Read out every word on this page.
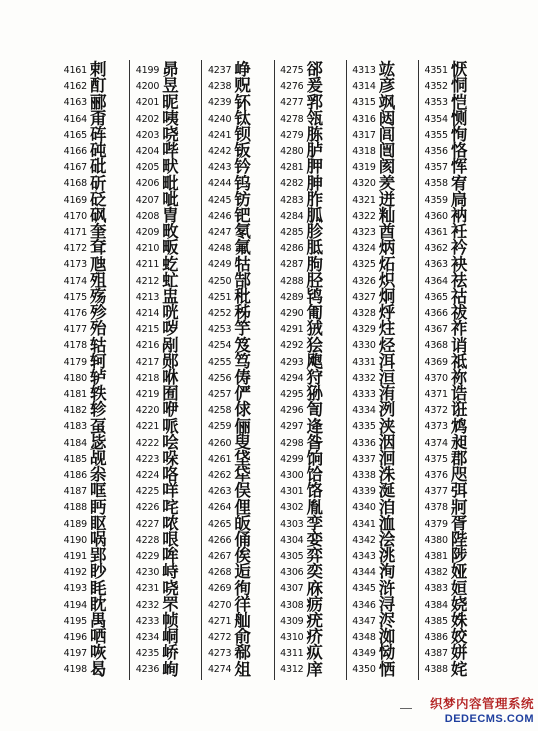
4161 剌
4162 酊
4163 郦
4164 甭
4165 砗
4166 砘
4167 砒
4168 斫
4169 砭
4170 砜
4171 奎
4172 耷
4173 虺
4174 殂
4175 殇
4176 殄
4177 殆
4178 轱
4179 轲
4180 轳
4181 轶
4182 轸
4183 虿
4184 毖
4185 觇
4186 尜
4187 哐
4188 眄
4189 眍
4190 㖞
4191 郢
4192 眇
4193 眊
4194 眈
4195 禺
4196 哂
4197 咴
4198 曷
4199 昴
4200 昱
4201 昵
4202 咦
4203 哓
4204 哔
4205 畎
4206 毗
4207 呲
4208 胄
4209 畋
4210 畈
4211 虼
4212 虻
4213 盅
4214 咣
4215 哕
4216 剐
4217 郧
4218 咻
4219 囿
4220 咿
4221 哌
4222 哙
4223 哚
4224 咯
4225 咩
4226 咤
4227 哝
4228 哏
4229 哞
4230 峙
4231 哓
4232 罘
4233 帧
4234 峒
4235 峤
4236 峋
4237 峥
4238 贶
4239 钚
4240 钛
4241 钡
4242 钣
4243 钤
4244 钨
4245 钫
4246 钯
4247 氡
4248 氟
4249 牯
4250 郜
4251 秕
4252 秭
4253 竽
4254 笈
4255 笃
4256 俦
4257 俨
4258 俅
4259 俪
4260 叟
4261 垡
4262 牮
4263 俣
4264 俚
4265 皈
4266 俑
4267 俟
4268 逅
4269 徇
4270 徉
4271 舢
4272 俞
4273 郗
4274 俎
4275 郤
4276 爰
4277 郛
4278 瓴
4279 胨
4280 胪
4281 胛
4282 胂
4283 胙
4284 胍
4285 胗
4286 胝
4287 朐
4288 胫
4289 鸨
4290 匍
4291 狨
4292 狯
4293 飑
4294 狩
4295 狲
4296 訇
4297 逄
4298 昝
4299 饷
4300 饸
4301 饹
4302 胤
4303 孪
4304 娈
4305 弈
4306 奕
4307 庥
4308 疬
4309 疣
4310 疥
4311 疭
4312 庠
4313 竑
4314 彦
4315 飒
4316 闼
4317 闾
4318 闿
4319 阂
4320 羑
4321 迸
4322 籼
4323 酋
4324 炳
4325 炻
4326 炽
4327 炯
4328 烀
4329 炷
4330 烃
4331 洱
4332 洹
4333 洧
4334 洌
4335 浃
4336 洇
4337 洄
4338 洙
4339 涎
4340 洎
4341 洫
4342 浍
4343 洮
4344 洵
4345 浒
4346 浔
4347 浕
4348 洳
4349 恸
4350 恓
4351 恹
4352 恫
4353 恺
4354 恻
4355 恂
4356 恪
4357 恽
4358 宥
4359 扃
4360 衲
4361 衽
4362 衿
4363 袂
4364 祛
4365 祜
4366 祓
4367 祚
4368 诮
4369 祗
4370 祢
4371 诰
4372 诳
4373 鸩
4374 昶
4375 郡
4376 咫
4377 弭
4378 牁
4379 胥
4380 陛
4381 陟
4382 娅
4383 姮
4384 娆
4385 姝
4386 姣
4387 姘
4388 姹
织梦内容管理系统
DEDECMS.COM
